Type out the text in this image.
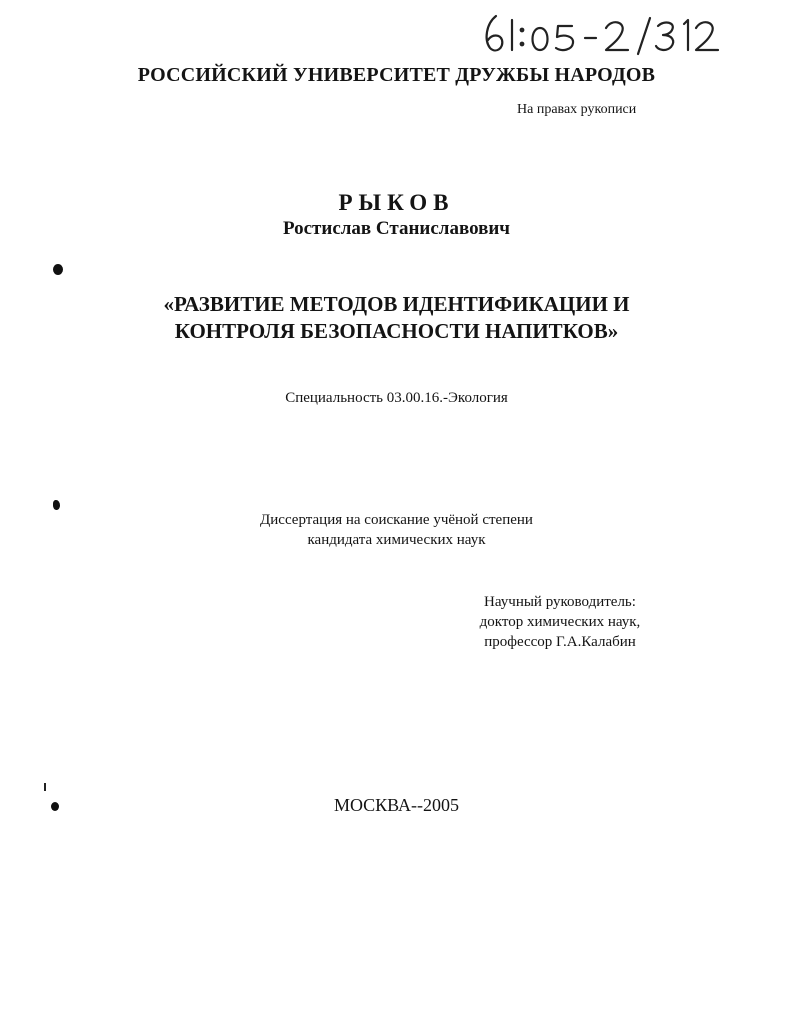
РОССИЙСКИЙ УНИВЕРСИТЕТ ДРУЖБЫ НАРОДОВ
На правах рукописи
РЫКОВ
Ростислав Станиславович
«РАЗВИТИЕ МЕТОДОВ ИДЕНТИФИКАЦИИ И
КОНТРОЛЯ БЕЗОПАСНОСТИ НАПИТКОВ»
Специальность 03.00.16.-Экология
Диссертация на соискание учёной степени
кандидата химических наук
Научный руководитель:
доктор химических наук,
профессор Г.А.Калабин
МОСКВА--2005
